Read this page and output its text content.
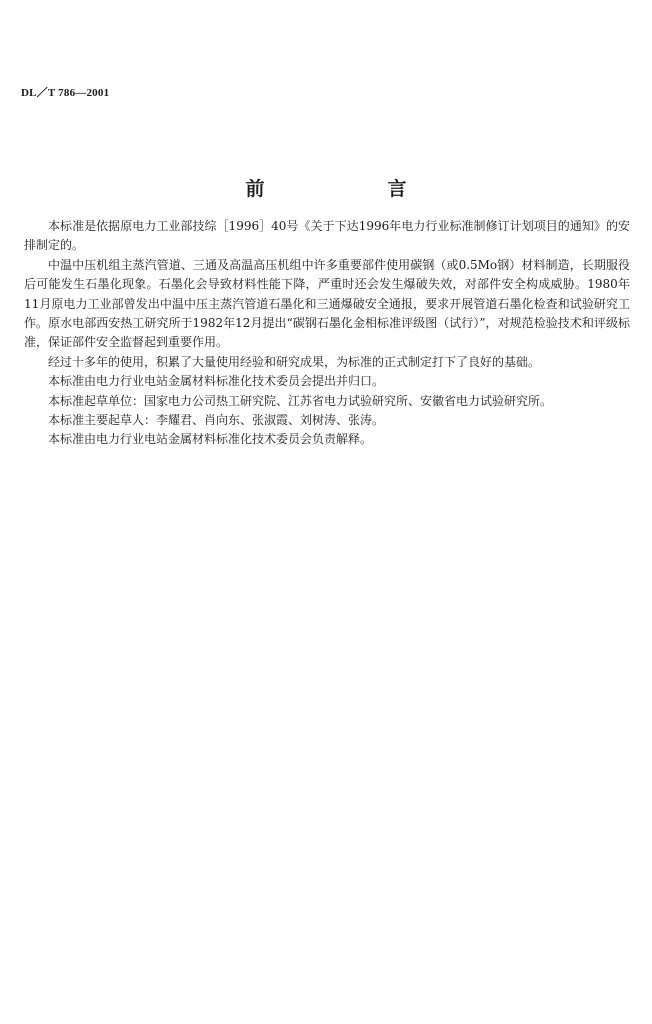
DL／T 786—2001
前　言

本标准是依据原电力工业部技综［1996］40号《关于下达1996年电力行业标准制修订计划项目的通知》的安排制定的。

中温中压机组主蒸汽管道、三通及高温高压机组中许多重要部件使用碳钢（或0.5Mo钢）材料制造，长期服役后可能发生石墨化现象。石墨化会导致材料性能下降，严重时还会发生爆破失效，对部件安全构成威胁。1980年11月原电力工业部曾发出中温中压主蒸汽管道石墨化和三通爆破安全通报，要求开展管道石墨化检查和试验研究工作。原水电部西安热工研究所于1982年12月提出“碳钢石墨化金相标准评级图（试行）”，对规范检验技术和评级标准，保证部件安全监督起到重要作用。

经过十多年的使用，积累了大量使用经验和研究成果，为标准的正式制定打下了良好的基础。

本标准由电力行业电站金属材料标准化技术委员会提出并归口。

本标准起草单位：国家电力公司热工研究院、江苏省电力试验研究所、安徽省电力试验研究所。

本标准主要起草人：李耀君、肖向东、张淑霞、刘树涛、张涛。

本标准由电力行业电站金属材料标准化技术委员会负责解释。
